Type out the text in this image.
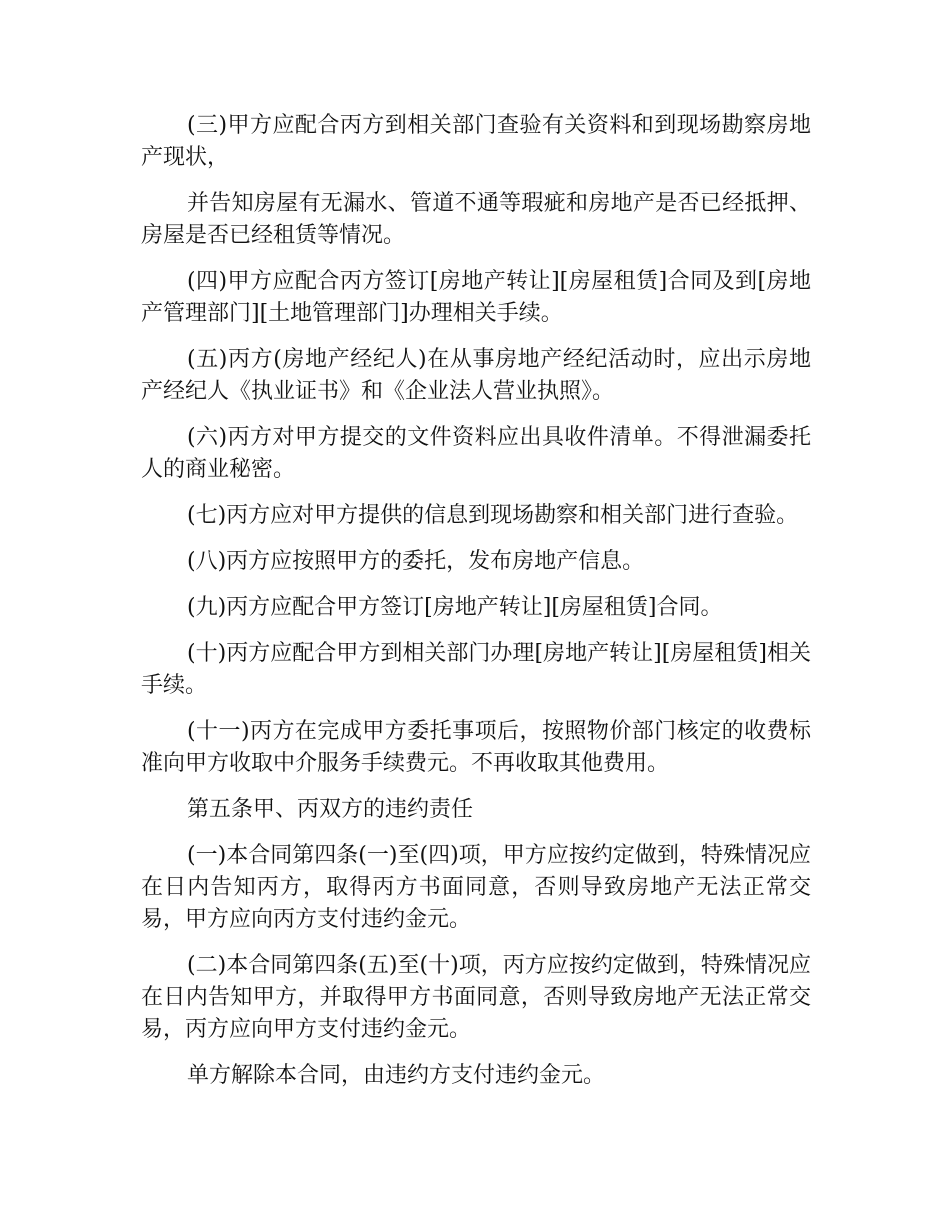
(三)甲方应配合丙方到相关部门查验有关资料和到现场勘察房地产现状，

并告知房屋有无漏水、管道不通等瑕疵和房地产是否已经抵押、房屋是否已经租赁等情况。

(四)甲方应配合丙方签订[房地产转让][房屋租赁]合同及到[房地产管理部门][土地管理部门]办理相关手续。

(五)丙方(房地产经纪人)在从事房地产经纪活动时，应出示房地产经纪人《执业证书》和《企业法人营业执照》。

(六)丙方对甲方提交的文件资料应出具收件清单。不得泄漏委托人的商业秘密。

(七)丙方应对甲方提供的信息到现场勘察和相关部门进行查验。

(八)丙方应按照甲方的委托，发布房地产信息。

(九)丙方应配合甲方签订[房地产转让][房屋租赁]合同。

(十)丙方应配合甲方到相关部门办理[房地产转让][房屋租赁]相关手续。

(十一)丙方在完成甲方委托事项后，按照物价部门核定的收费标准向甲方收取中介服务手续费元。不再收取其他费用。

第五条甲、丙双方的违约责任

(一)本合同第四条(一)至(四)项，甲方应按约定做到，特殊情况应在日内告知丙方，取得丙方书面同意，否则导致房地产无法正常交易，甲方应向丙方支付违约金元。

(二)本合同第四条(五)至(十)项，丙方应按约定做到，特殊情况应在日内告知甲方，并取得甲方书面同意，否则导致房地产无法正常交易，丙方应向甲方支付违约金元。

单方解除本合同，由违约方支付违约金元。
